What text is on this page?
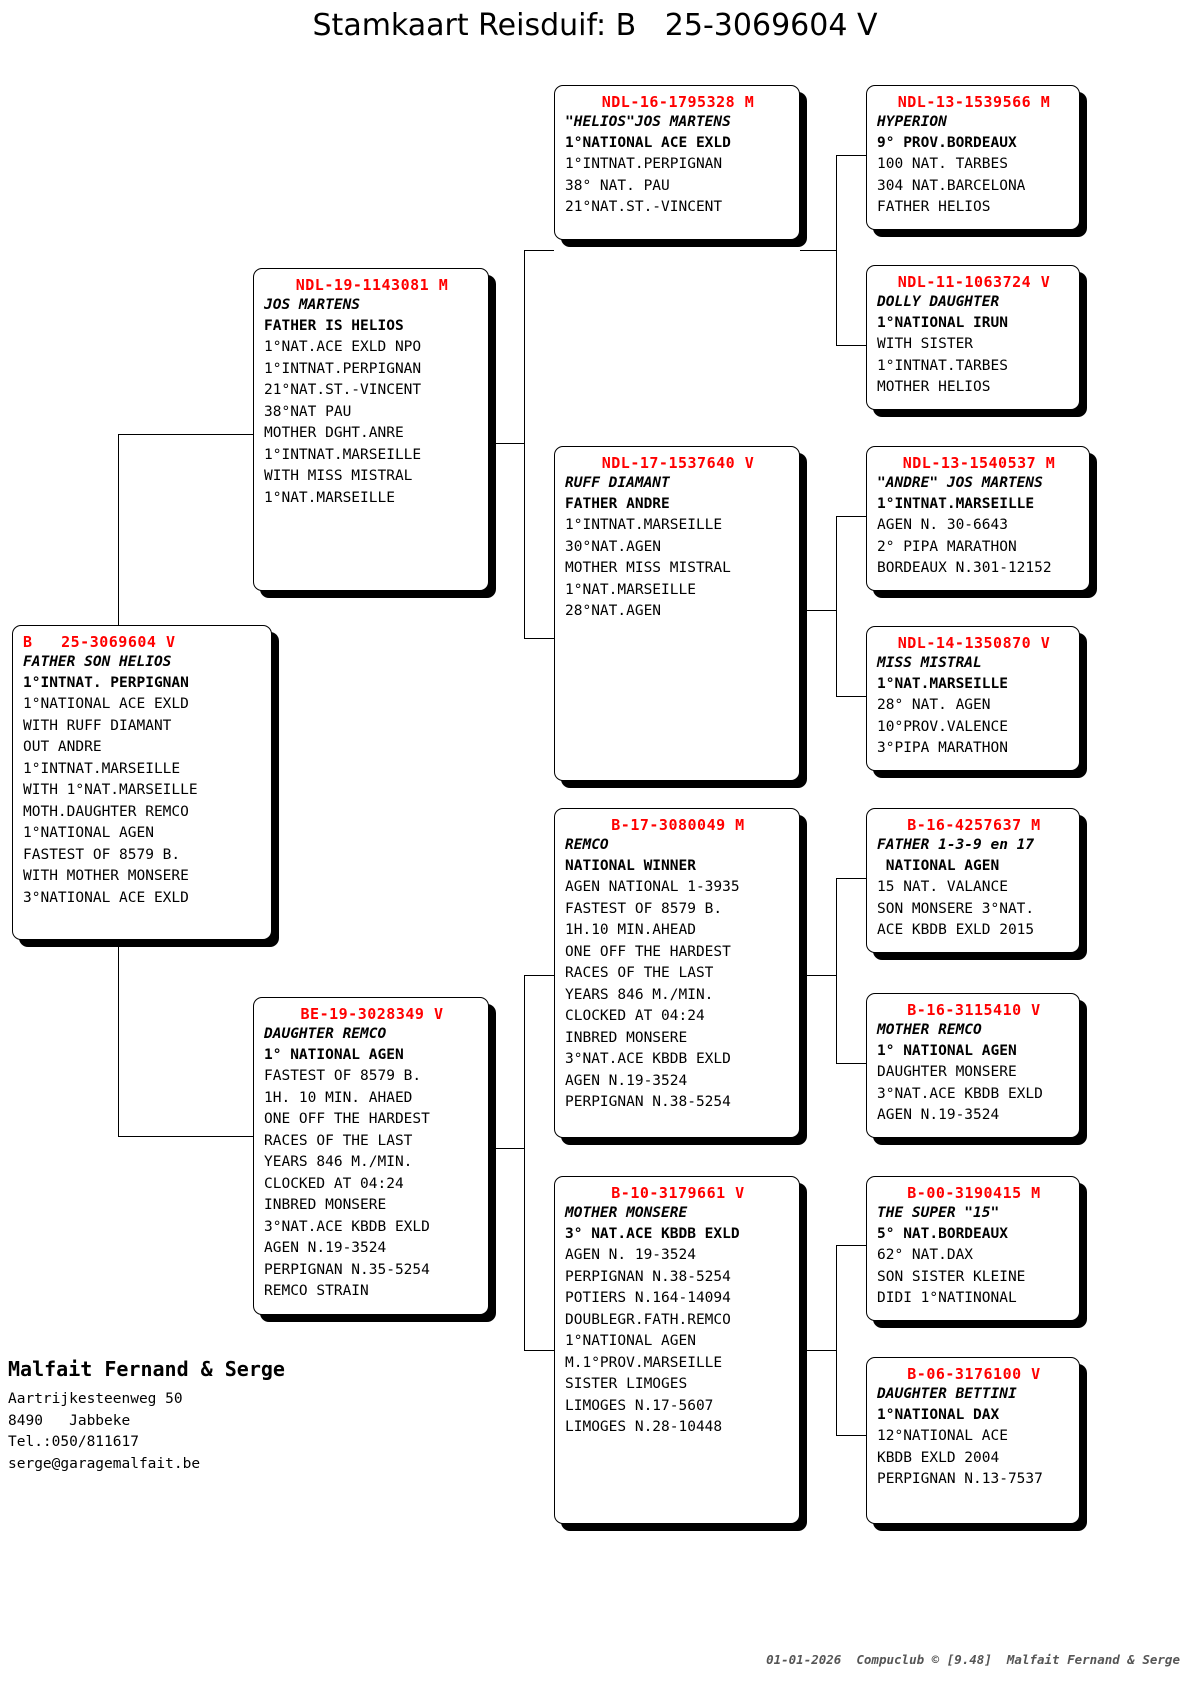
Stamkaart Reisduif: B   25-3069604 V
NDL-13-1539566 M
HYPERION
9° PROV.BORDEAUX
100 NAT. TARBES
304 NAT.BARCELONA
FATHER HELIOS
NDL-11-1063724 V
DOLLY DAUGHTER
1°NATIONAL IRUN
WITH SISTER
1°INTNAT.TARBES
MOTHER HELIOS
NDL-13-1540537 M
"ANDRE" JOS MARTENS
1°INTNAT.MARSEILLE
AGEN N. 30-6643
2° PIPA MARATHON
BORDEAUX N.301-12152
NDL-14-1350870 V
MISS MISTRAL
1°NAT.MARSEILLE
28° NAT. AGEN
10°PROV.VALENCE
3°PIPA MARATHON
B-16-4257637 M
FATHER 1-3-9 en 17
NATIONAL AGEN
15 NAT. VALANCE
SON MONSERE 3°NAT.
ACE KBDB EXLD 2015
B-16-3115410 V
MOTHER REMCO
1° NATIONAL AGEN
DAUGHTER MONSERE
3°NAT.ACE KBDB EXLD
AGEN N.19-3524
B-00-3190415 M
THE SUPER "15"
5° NAT.BORDEAUX
62° NAT.DAX
SON SISTER KLEINE
DIDI 1°NATINONAL
B-06-3176100 V
DAUGHTER BETTINI
1°NATIONAL DAX
12°NATIONAL ACE
KBDB EXLD 2004
PERPIGNAN N.13-7537
NDL-16-1795328 M
"HELIOS"JOS MARTENS
1°NATIONAL ACE EXLD
1°INTNAT.PERPIGNAN
38° NAT. PAU
21°NAT.ST.-VINCENT
NDL-17-1537640 V
RUFF DIAMANT
FATHER ANDRE
1°INTNAT.MARSEILLE
30°NAT.AGEN
MOTHER MISS MISTRAL
1°NAT.MARSEILLE
28°NAT.AGEN
B-17-3080049 M
REMCO
NATIONAL WINNER
AGEN NATIONAL 1-3935
FASTEST OF 8579 B.
1H.10 MIN.AHEAD
ONE OFF THE HARDEST
RACES OF THE LAST
YEARS 846 M./MIN.
CLOCKED AT 04:24
INBRED MONSERE
3°NAT.ACE KBDB EXLD
AGEN N.19-3524
PERPIGNAN N.38-5254
B-10-3179661 V
MOTHER MONSERE
3° NAT.ACE KBDB EXLD
AGEN N. 19-3524
PERPIGNAN N.38-5254
POTIERS N.164-14094
DOUBLEGR.FATH.REMCO
1°NATIONAL AGEN
M.1°PROV.MARSEILLE
SISTER LIMOGES
LIMOGES N.17-5607
LIMOGES N.28-10448
NDL-19-1143081 M
JOS MARTENS
FATHER IS HELIOS
1°NAT.ACE EXLD NPO
1°INTNAT.PERPIGNAN
21°NAT.ST.-VINCENT
38°NAT PAU
MOTHER DGHT.ANRE
1°INTNAT.MARSEILLE
WITH MISS MISTRAL
1°NAT.MARSEILLE
BE-19-3028349 V
DAUGHTER REMCO
1° NATIONAL AGEN
FASTEST OF 8579 B.
1H. 10 MIN. AHAED
ONE OFF THE HARDEST
RACES OF THE LAST
YEARS 846 M./MIN.
CLOCKED AT 04:24
INBRED MONSERE
3°NAT.ACE KBDB EXLD
AGEN N.19-3524
PERPIGNAN N.35-5254
REMCO STRAIN
B   25-3069604 V
FATHER SON HELIOS
1°INTNAT. PERPIGNAN
1°NATIONAL ACE EXLD
WITH RUFF DIAMANT
OUT ANDRE
1°INTNAT.MARSEILLE
WITH 1°NAT.MARSEILLE
MOTH.DAUGHTER REMCO
1°NATIONAL AGEN
FASTEST OF 8579 B.
WITH MOTHER MONSERE
3°NATIONAL ACE EXLD
Malfait Fernand & Serge
Aartrijkesteenweg 50
8490   Jabbeke
Tel.:050/811617
serge@garagemalfait.be
01-01-2026  Compuclub © [9.48]  Malfait Fernand & Serge
